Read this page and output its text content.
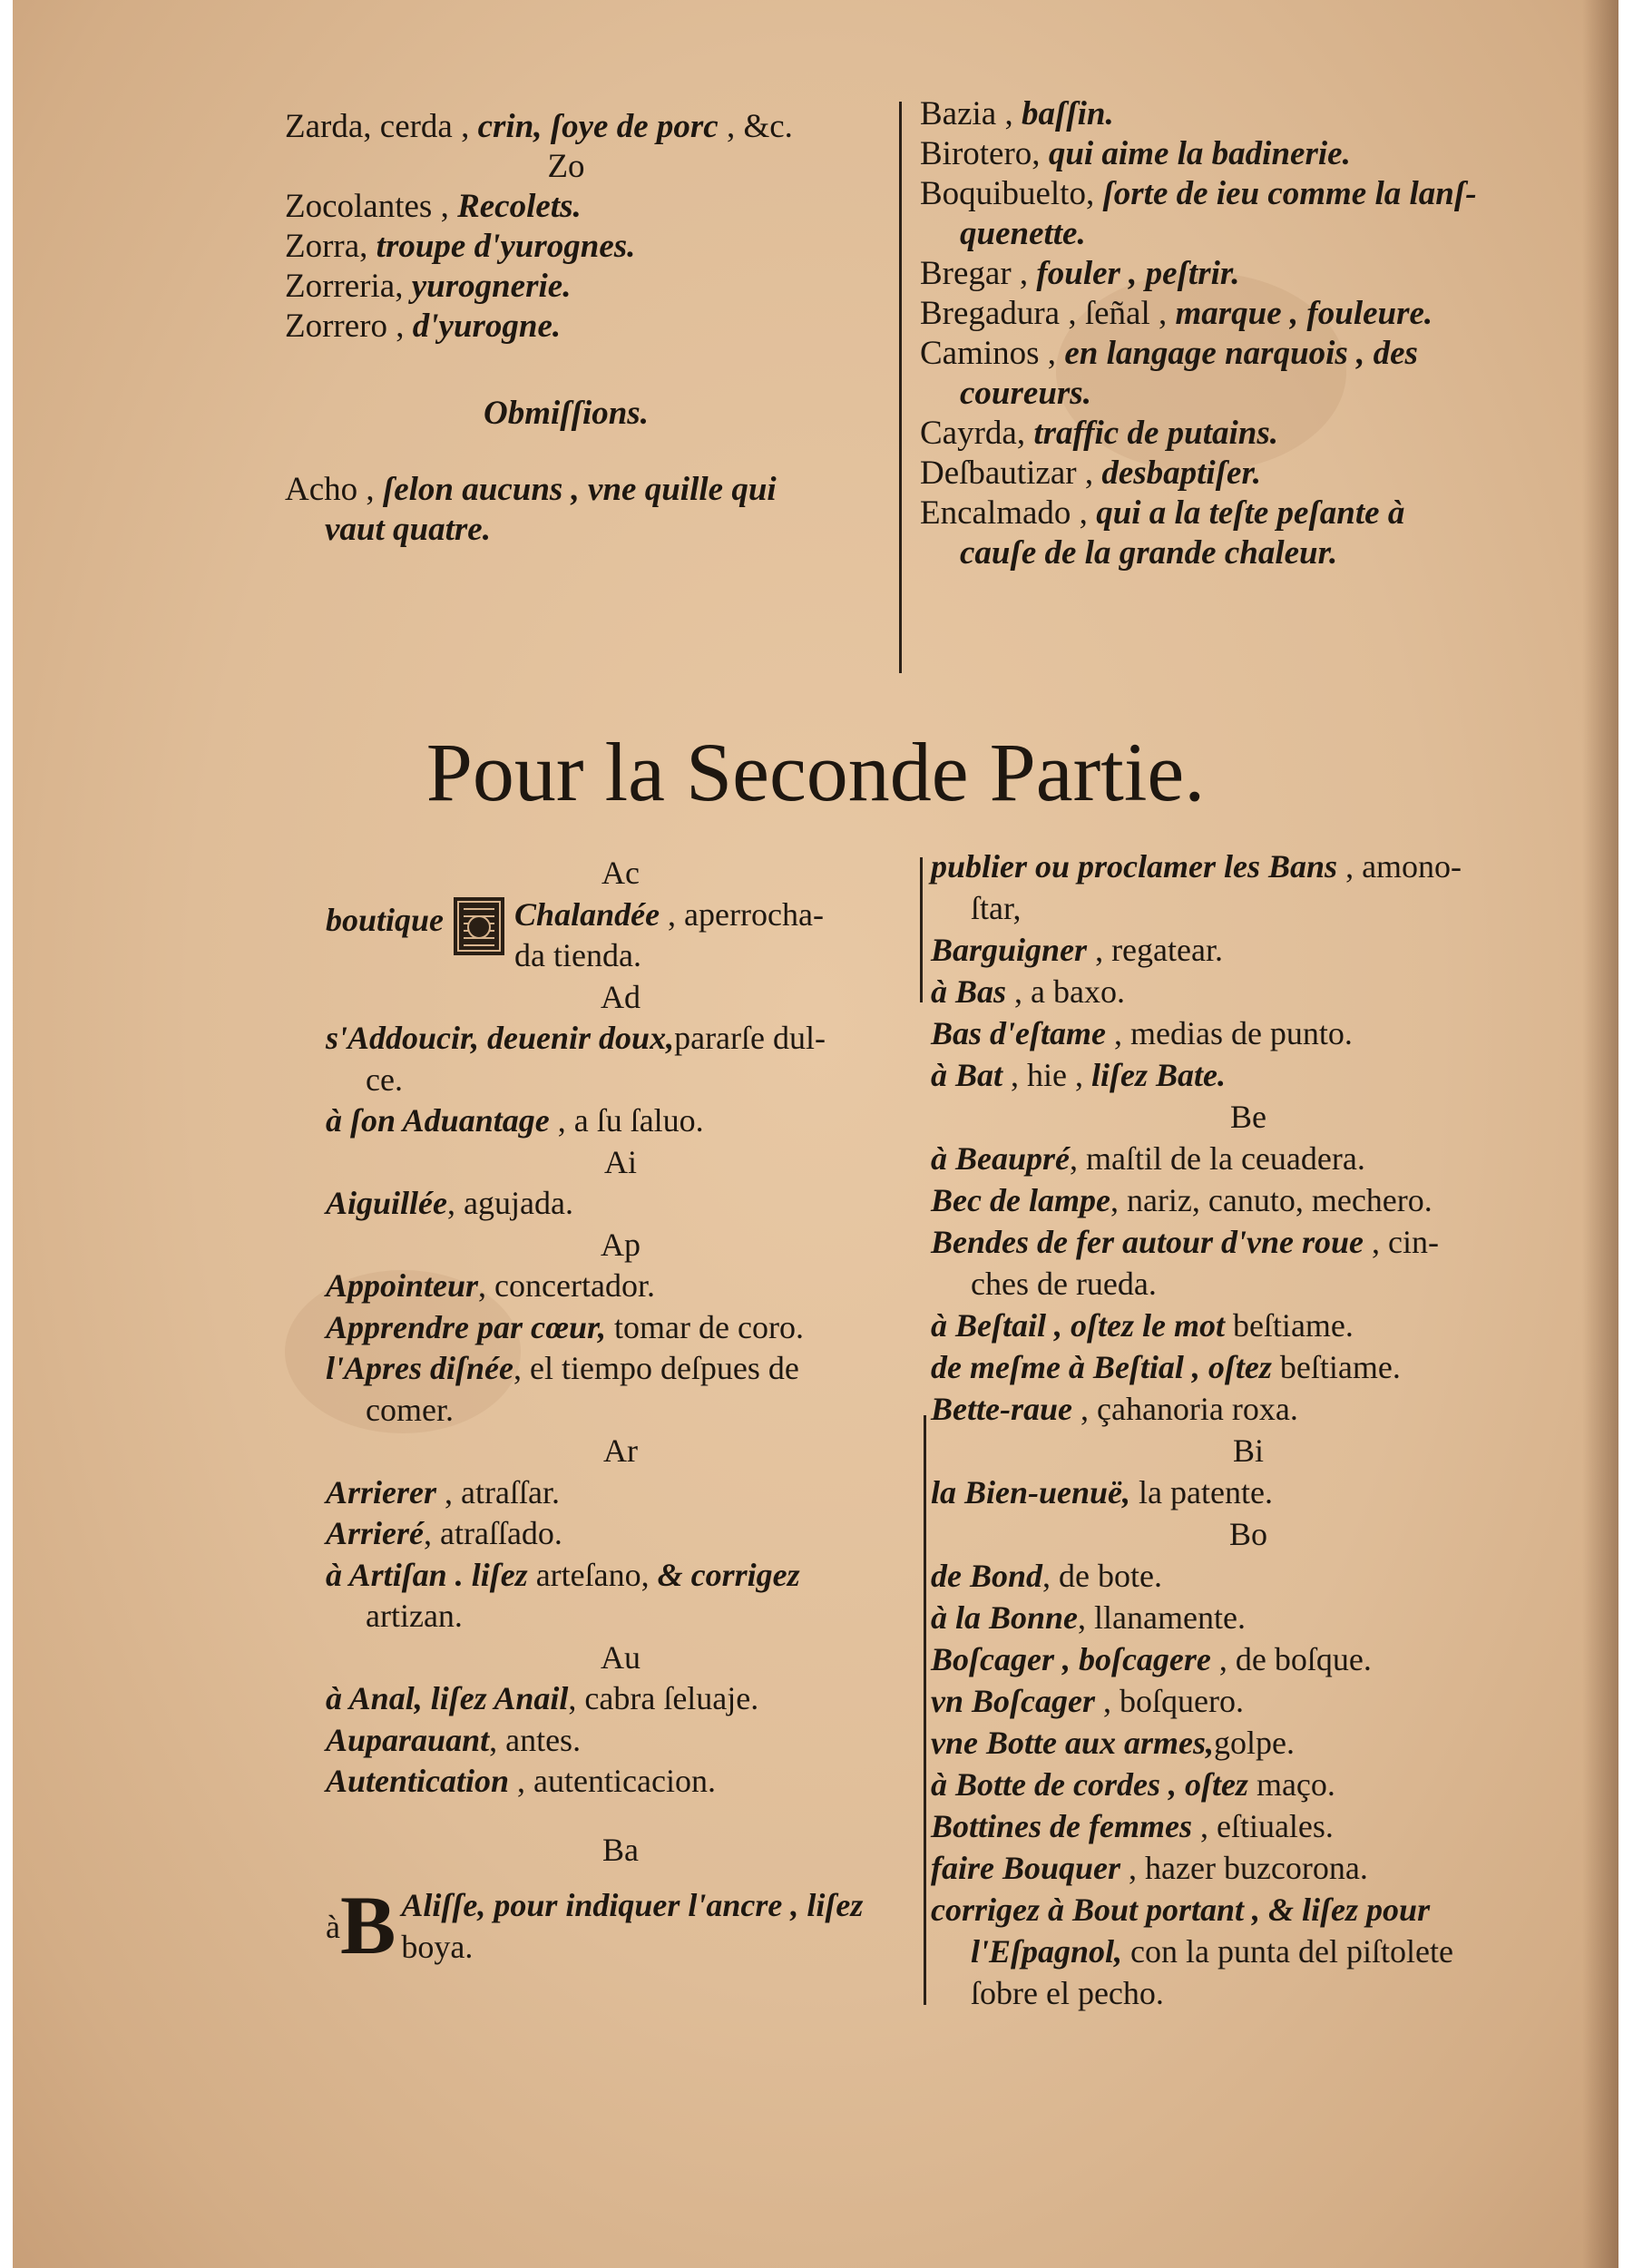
Zarda, cerda , crin, ſoye de porc , &c.
Zo
Zocolantes , Recolets.
Zorra, troupe d'yurognes.
Zorreria, yurognerie.
Zorrero , d'yurogne.
Obmiſſions.
Acho , ſelon aucuns , vne quille qui
vaut quatre.
Bazia , baſſin.
Birotero, qui aime la badinerie.
Boquibuelto, ſorte de ieu comme la lanſ-
quenette.
Bregar , fouler , peſtrir.
Bregadura , ſeñal , marque , fouleure.
Caminos , en langage narquois , des
coureurs.
Cayrda, traffic de putains.
Deſbautizar , desbaptiſer.
Encalmado , qui a la teſte peſante à
cauſe de la grande chaleur.
Pour la Seconde Partie.
Ac
boutique Chalandée , aperrocha-
da tienda.
Ad
s'Addoucir, deuenir doux,pararſe dul-
ce.
à ſon Aduantage , a ſu ſaluo.
Ai
Aiguillée, agujada.
Ap
Appointeur, concertador.
Apprendre par cœur, tomar de coro.
l'Apres diſnée, el tiempo deſpues de
comer.
Ar
Arrierer , atraſſar.
Arrieré, atraſſado.
à Artiſan . liſez arteſano, & corrigez
artizan.
Au
à Anal, liſez Anail, cabra ſeluaje.
Auparauant, antes.
Autentication , autenticacion.
Ba
à B Aliſſe, pour indiquer l'ancre , liſez
boya.
publier ou proclamer les Bans , amono-
ſtar,
Barguigner , regatear.
à Bas , a baxo.
Bas d'eſtame , medias de punto.
à Bat , hie , liſez Bate.
Be
à Beaupré, maſtil de la ceuadera.
Bec de lampe, nariz, canuto, mechero.
Bendes de fer autour d'vne roue , cin-
ches de rueda.
à Beſtail , oſtez le mot beſtiame.
de meſme à Beſtial , oſtez beſtiame.
Bette-raue , çahanoria roxa.
Bi
la Bien-uenuë, la patente.
Bo
de Bond, de bote.
à la Bonne, llanamente.
Boſcager , boſcagere , de boſque.
vn Boſcager , boſquero.
vne Botte aux armes,golpe.
à Botte de cordes , oſtez maço.
Bottines de femmes , eſtiuales.
faire Bouquer , hazer buzcorona.
corrigez à Bout portant , & liſez pour
l'Eſpagnol, con la punta del piſtolete
ſobre el pecho.
